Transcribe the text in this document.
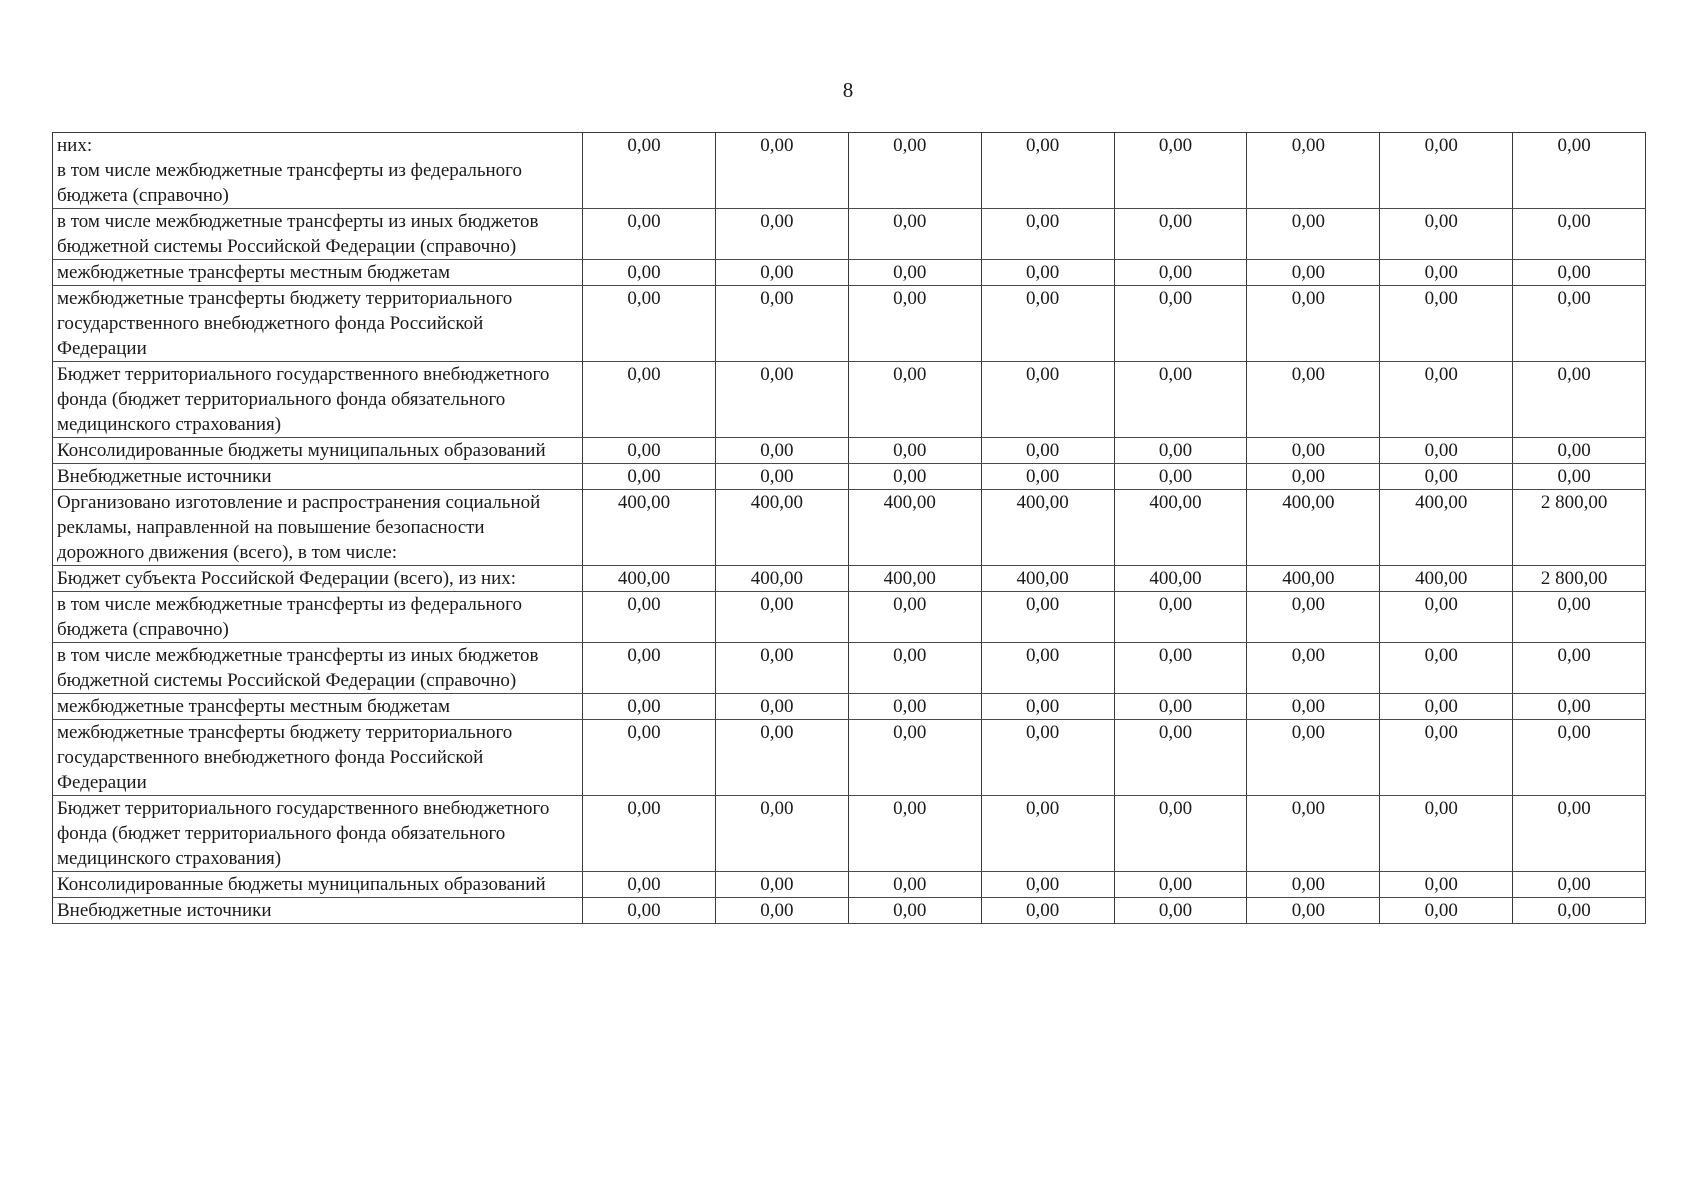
8
них:
в том числе межбюджетные трансферты из федерального бюджета (справочно)	0,00	0,00	0,00	0,00	0,00	0,00	0,00	0,00
в том числе межбюджетные трансферты из иных бюджетов бюджетной системы Российской Федерации (справочно)	0,00	0,00	0,00	0,00	0,00	0,00	0,00	0,00
межбюджетные трансферты местным бюджетам	0,00	0,00	0,00	0,00	0,00	0,00	0,00	0,00
межбюджетные трансферты бюджету территориального государственного внебюджетного фонда Российской Федерации	0,00	0,00	0,00	0,00	0,00	0,00	0,00	0,00
Бюджет территориального государственного внебюджетного фонда (бюджет территориального фонда обязательного медицинского страхования)	0,00	0,00	0,00	0,00	0,00	0,00	0,00	0,00
Консолидированные бюджеты муниципальных образований	0,00	0,00	0,00	0,00	0,00	0,00	0,00	0,00
Внебюджетные источники	0,00	0,00	0,00	0,00	0,00	0,00	0,00	0,00
Организовано изготовление и распространения социальной рекламы, направленной на повышение безопасности дорожного движения (всего), в том числе:	400,00	400,00	400,00	400,00	400,00	400,00	400,00	2 800,00
Бюджет субъекта Российской Федерации (всего), из них:	400,00	400,00	400,00	400,00	400,00	400,00	400,00	2 800,00
в том числе межбюджетные трансферты из федерального бюджета (справочно)	0,00	0,00	0,00	0,00	0,00	0,00	0,00	0,00
в том числе межбюджетные трансферты из иных бюджетов бюджетной системы Российской Федерации (справочно)	0,00	0,00	0,00	0,00	0,00	0,00	0,00	0,00
межбюджетные трансферты местным бюджетам	0,00	0,00	0,00	0,00	0,00	0,00	0,00	0,00
межбюджетные трансферты бюджету территориального государственного внебюджетного фонда Российской Федерации	0,00	0,00	0,00	0,00	0,00	0,00	0,00	0,00
Бюджет территориального государственного внебюджетного фонда (бюджет территориального фонда обязательного медицинского страхования)	0,00	0,00	0,00	0,00	0,00	0,00	0,00	0,00
Консолидированные бюджеты муниципальных образований	0,00	0,00	0,00	0,00	0,00	0,00	0,00	0,00
Внебюджетные источники	0,00	0,00	0,00	0,00	0,00	0,00	0,00	0,00
